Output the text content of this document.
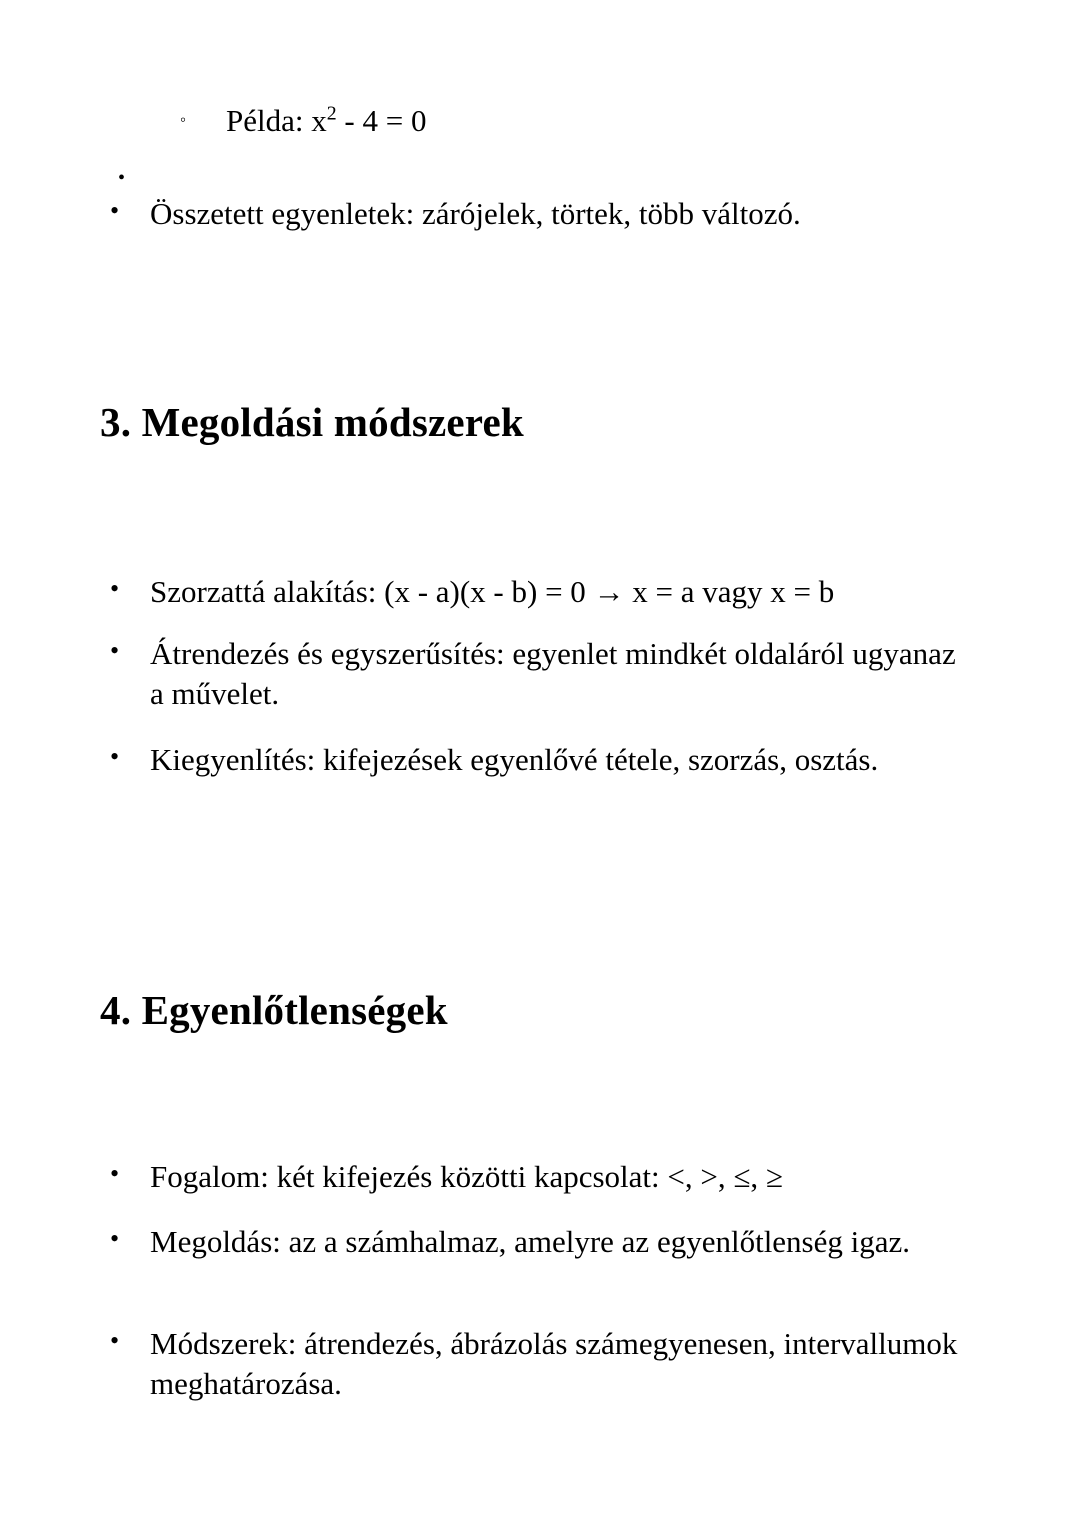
◦	Példa: $x^2 - 4 = 0$
•
• Összetett egyenletek: zárójelek, törtek, több változó.
3. Megoldási módszerek
• Szorzattá alakítás: (x - a)(x - b) = 0 → x = a vagy x = b
• Átrendezés és egyszerűsítés: egyenlet mindkét oldaláról ugyanaz a művelet.
• Kiegyenlítés: kifejezések egyenlővé tétele, szorzás, osztás.
4. Egyenlőtlenségek
• Fogalom: két kifejezés közötti kapcsolat: <, >, ≤, ≥
• Megoldás: az a számhalmaz, amelyre az egyenlőtlenség igaz.
• Módszerek: átrendezés, ábrázolás számegyenesen, intervallumok meghatározása.
